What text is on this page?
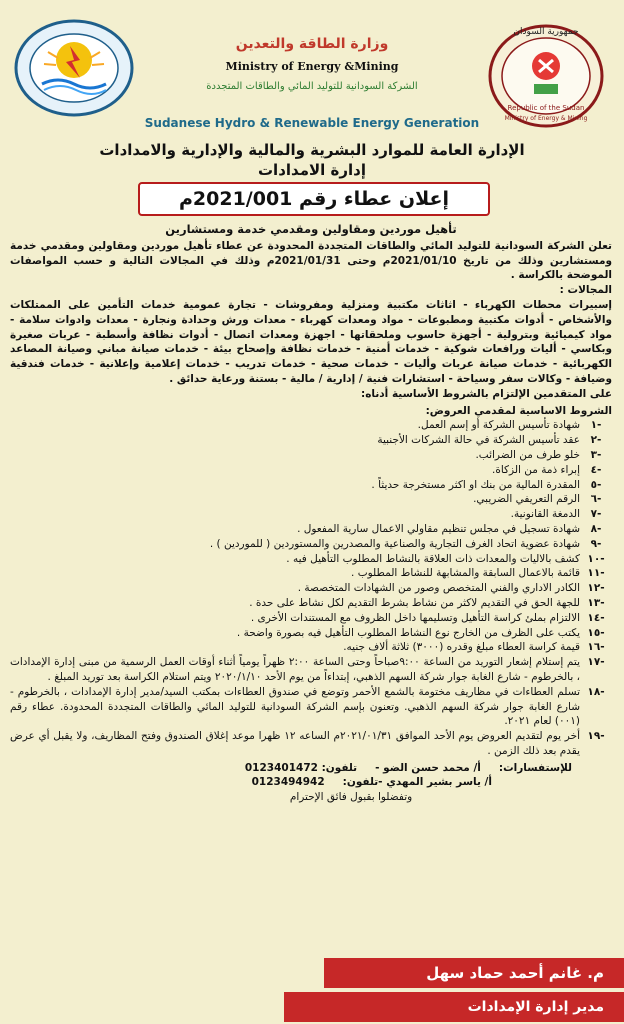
جمهورية السودان
Republic of the Sudan
Ministry of Energy & Mining

وزارة الطاقة والتعدين

Ministry of Energy &Mining

الشركة السودانية للتوليد المائي والطاقات المتجددة

Sudanese Hydro & Renewable Energy Generation
الإدارة العامة للموارد البشرية والمالية والإدارية والامدادات
إدارة الامدادات
إعلان عطاء رقم 2021/001م
تأهيل موردين ومقاولين ومقدمي خدمة ومستشارين
تعلن الشركة السودانية للتوليد المائي والطاقات المتجددة المحدودة عن عطاء تأهيل موردين ومقاولين ومقدمي خدمة ومستشارين وذلك من تاريخ 2021/01/10م وحتى 2021/01/31م وذلك في المجالات التالية و حسب المواصفات الموضحة بالكراسة .
المجالات :
إسبيرات محطات الكهرباء - اثاثات مكتبية ومنزلية ومفروشات - تجارة عمومية خدمات التأمين على الممتلكات والأشخاص - أدوات مكتبية ومطبوعات - مواد ومعدات كهرباء - معدات ورش وحدادة ونجارة - معدات وادوات سلامة - مواد كيميائية وبترولية - أجهزة حاسوب وملحقاتها - اجهزة ومعدات اتصال - أدوات نظافة وأسطبة - عربات صغيرة وبكاسي - أليات ورافعات شوكية - خدمات أمنية - خدمات نظافة وإصحاح بيئة - خدمات صيانة مباني وصيانة المصاعد الكهربائية - خدمات صيانة عربات وأليات - خدمات صحية - خدمات تدريب - خدمات إعلامية وإعلانية - خدمات فندقية وضيافة - وكالات سفر وسياحة - استشارات فنية / إدارية / مالية - بستنة ورعاية حدائق .
على المتقدمين الإلتزام بالشروط الأساسية أدناه:
الشروط الاساسية لمقدمي العروض:
-١
شهادة تأسيس الشركة أو إسم العمل.
-٢
عقد تأسيس الشركة في حالة الشركات الأجنبية
-٣
خلو طرف من الضرائب.
-٤
إبراء ذمة من الزكاة.
-٥
المقدرة المالية من بنك او اكثر مستخرجة حديثاً .
-٦
الرقم التعريفي الضريبي.
-٧
الدمغة القانونية.
-٨
شهادة تسجيل في مجلس تنظيم مقاولي الاعمال سارية المفعول .
-٩
شهادة عضوية اتحاد الغرف التجارية والصناعية والمصدرين والمستوردين ( للموردين ) .
-١٠
كشف بالاليات والمعدات ذات العلاقة بالنشاط المطلوب التأهيل فيه .
-١١
قائمة بالاعمال السابقة والمشابهة للنشاط المطلوب .
-١٢
الكادر الاداري والفني المتخصص وصور من الشهادات المتخصصة .
-١٣
للجهة الحق في التقديم لاكثر من نشاط بشرط التقديم لكل نشاط على حدة .
-١٤
الالتزام بملئ كراسة التأهيل وتسليمها داخل الظروف مع المستندات الأخرى .
-١٥
يكتب على الظرف من الخارج نوع النشاط المطلوب التأهيل فيه بصورة واضحة .
-١٦
قيمة كراسة العطاء مبلغ وقدره (٣٠٠٠) ثلاثة ألاف جنيه.
-١٧
يتم إستلام إشعار التوريد من الساعة ٩:٠٠صباحاً وحتى الساعة ٢:٠٠ ظهراً يومياً أثناء أوقات العمل الرسمية من مبنى إدارة الإمدادات ، بالخرطوم - شارع الغابة جوار شركة السهم الذهبي، إبتداءاً من يوم الأحد ٢٠٢٠/١/١٠ ويتم استلام الكراسة بعد توريد المبلغ .
-١٨
تسلم العطاءات في مظاريف مختومة بالشمع الأحمر وتوضع في صندوق العطاءات بمكتب السيد/مدير إدارة الإمدادات ، بالخرطوم - شارع الغابة جوار شركة السهم الذهبي. وتعنون بإسم الشركة السودانية للتوليد المائي والطاقات المتجددة المحدودة. عطاء رقم (٠٠١) لعام ٢٠٢١.
-١٩
أخر يوم لتقديم العروض يوم الأحد الموافق ٢٠٢١/٠١/٣١م الساعه ١٢ ظهرا موعد إغلاق الصندوق وفتح المظاريف، ولا يقبل أي عرض يقدم بعد ذلك الزمن .
للإستفسارات:
أ/ محمد حسن الضو -
تلفون: 0123401472
أ/ ياسر بشير المهدي -تلفون:
0123494942
وتفضلوا بقبول فائق الإحترام
م. غانم أحمد حماد سهل
مدير إدارة الإمدادات
